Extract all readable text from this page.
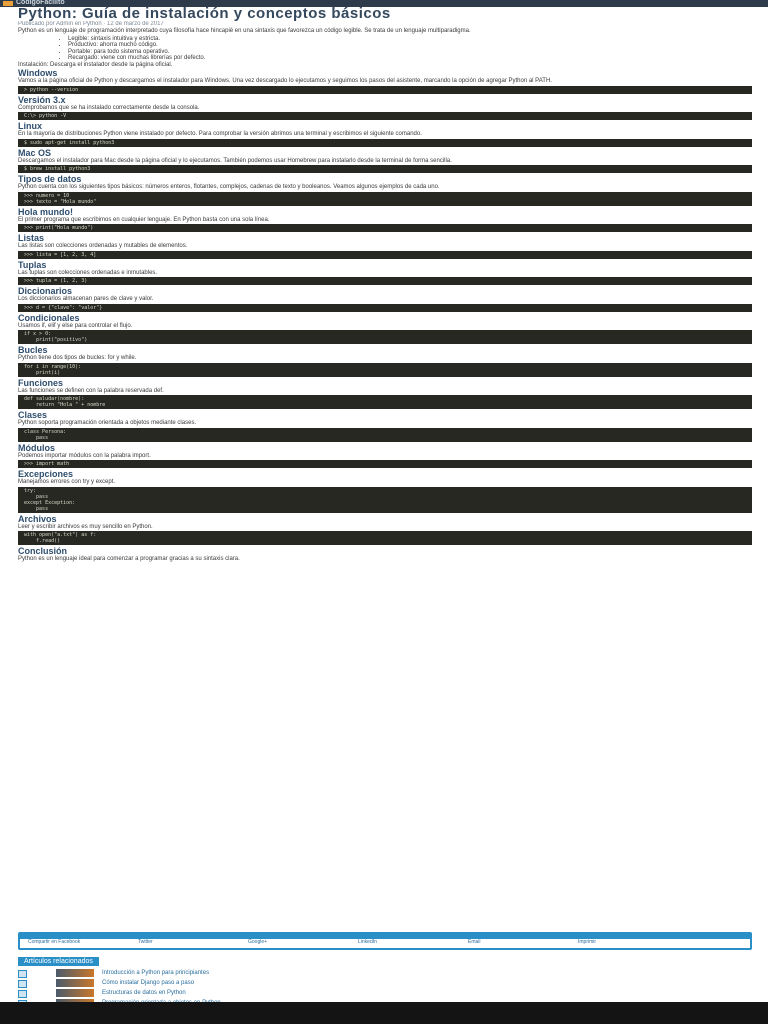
CódigoFacilito
Python: Guía de instalación y conceptos básicos
Publicado por Admin en Python · 12 de marzo de 2017

Python es un lenguaje de programación interpretado cuya filosofía hace hincapié en una sintaxis que favorezca un código legible. Se trata de un lenguaje multiparadigma.

• Legible: sintaxis intuitiva y estricta.
• Productivo: ahorra mucho código.
• Portable: para todo sistema operativo.
• Recargado: viene con muchas librerías por defecto.

Instalación: Descarga el instalador desde la página oficial.

Windows

Vamos a la página oficial de Python y descargamos el instalador para Windows. Una vez descargado lo ejecutamos y seguimos los pasos del asistente, marcando la opción de agregar Python al PATH.

> python --version
Versión 3.x

Comprobamos que se ha instalado correctamente desde la consola.

C:\> python -V
Linux

En la mayoría de distribuciones Python viene instalado por defecto. Para comprobar la versión abrimos una terminal y escribimos el siguiente comando.

$ sudo apt-get install python3
Mac OS

Descargamos el instalador para Mac desde la página oficial y lo ejecutamos. También podemos usar Homebrew para instalarlo desde la terminal de forma sencilla.

$ brew install python3
Tipos de datos

Python cuenta con los siguientes tipos básicos: números enteros, flotantes, complejos, cadenas de texto y booleanos. Veamos algunos ejemplos de cada uno.

>>> numero = 10
>>> texto = "Hola mundo"
Hola mundo!

El primer programa que escribimos en cualquier lenguaje. En Python basta con una sola línea.

>>> print("Hola mundo")
Listas

Las listas son colecciones ordenadas y mutables de elementos.

>>> lista = [1, 2, 3, 4]
Tuplas

Las tuplas son colecciones ordenadas e inmutables.

>>> tupla = (1, 2, 3)
Diccionarios

Los diccionarios almacenan pares de clave y valor.

>>> d = {"clave": "valor"}
Condicionales

Usamos if, elif y else para controlar el flujo.

if x > 0:
print("positivo")
Bucles

Python tiene dos tipos de bucles: for y while.

for i in range(10):
print(i)
Funciones

Las funciones se definen con la palabra reservada def.

def saludar(nombre):
return "Hola " + nombre
Clases

Python soporta programación orientada a objetos mediante clases.

class Persona:
pass
Módulos

Podemos importar módulos con la palabra import.

>>> import math
Excepciones

Manejamos errores con try y except.

try:
pass
except Exception:
pass
Archivos

Leer y escribir archivos es muy sencillo en Python.

with open("a.txt") as f:
f.read()
Conclusión

Python es un lenguaje ideal para comenzar a programar gracias a su sintaxis clara.

Compartir en Facebook	Twitter	Google+	LinkedIn	Email	Imprimir
Artículos relacionados
Introducción a Python para principiantes
Cómo instalar Django paso a paso
Estructuras de datos en Python
